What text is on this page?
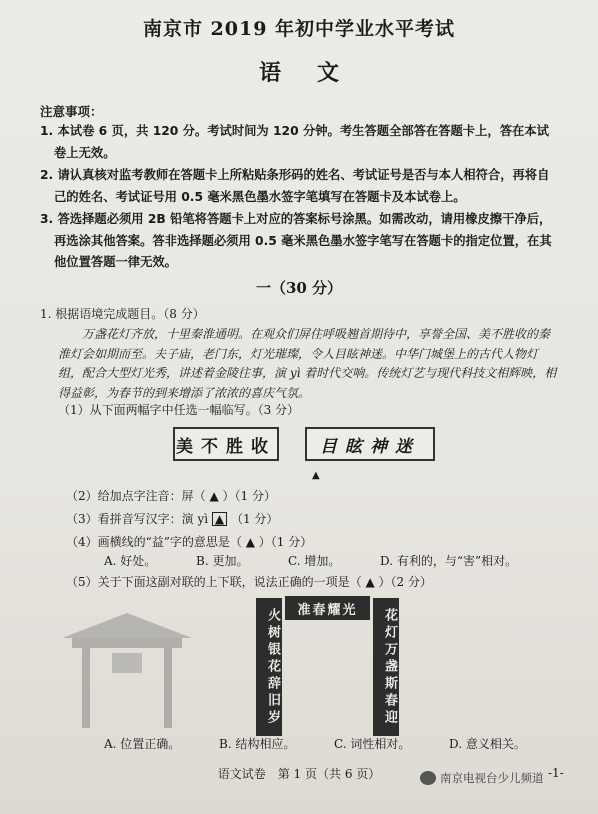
南京市 2019 年初中学业水平考试
语文
注意事项：

1. 本试卷 6 页，共 120 分。考试时间为 120 分钟。考生答题全部答在答题卡上，答在本试卷上无效。

2. 请认真核对监考教师在答题卡上所粘贴条形码的姓名、考试证号是否与本人相符合，再将自己的姓名、考试证号用 0.5 毫米黑色墨水签字笔填写在答题卡及本试卷上。

3. 答选择题必须用 2B 铅笔将答题卡上对应的答案标号涂黑。如需改动，请用橡皮擦干净后，再选涂其他答案。答非选择题必须用 0.5 毫米黑色墨水签字笔写在答题卡的指定位置，在其他位置答题一律无效。

一（30 分）
1. 根据语境完成题目。（8 分）

万盏花灯齐放，十里秦淮通明。在观众们屏住呼吸翘首期待中，享誉全国、美不胜收的秦淮灯会如期而至。夫子庙，老门东，灯光璀璨，令人目眩神迷。中华门城堡上的古代人物灯组，配合大型灯光秀，讲述着金陵往事，演 yì 着时代交响。传统灯艺与现代科技文相辉映，相得益彰，为春节的到来增添了浓浓的喜庆气氛。

（1）从下面两幅字中任选一幅临写。（3 分）
美不胜收	目眩神迷
▲
（2）给加点字注音：屏（ ▲ ）（1 分）
（3）看拼音写汉字：演 yì ▲ （1 分）
（4）画横线的“益”字的意思是（ ▲ ）（1 分）
A. 好处。	B. 更加。	C. 增加。	D. 有利的，与“害”相对。
（5）关于下面这副对联的上下联，说法正确的一项是（ ▲ ）（2 分）
准春耀光
火树银花辞旧岁	花灯万盏斯春迎
A. 位置正确。	B. 结构相应。	C. 词性相对。	D. 意义相关。
语文试卷　第 1 页（共 6 页）	-1-
南京电视台少儿频道
